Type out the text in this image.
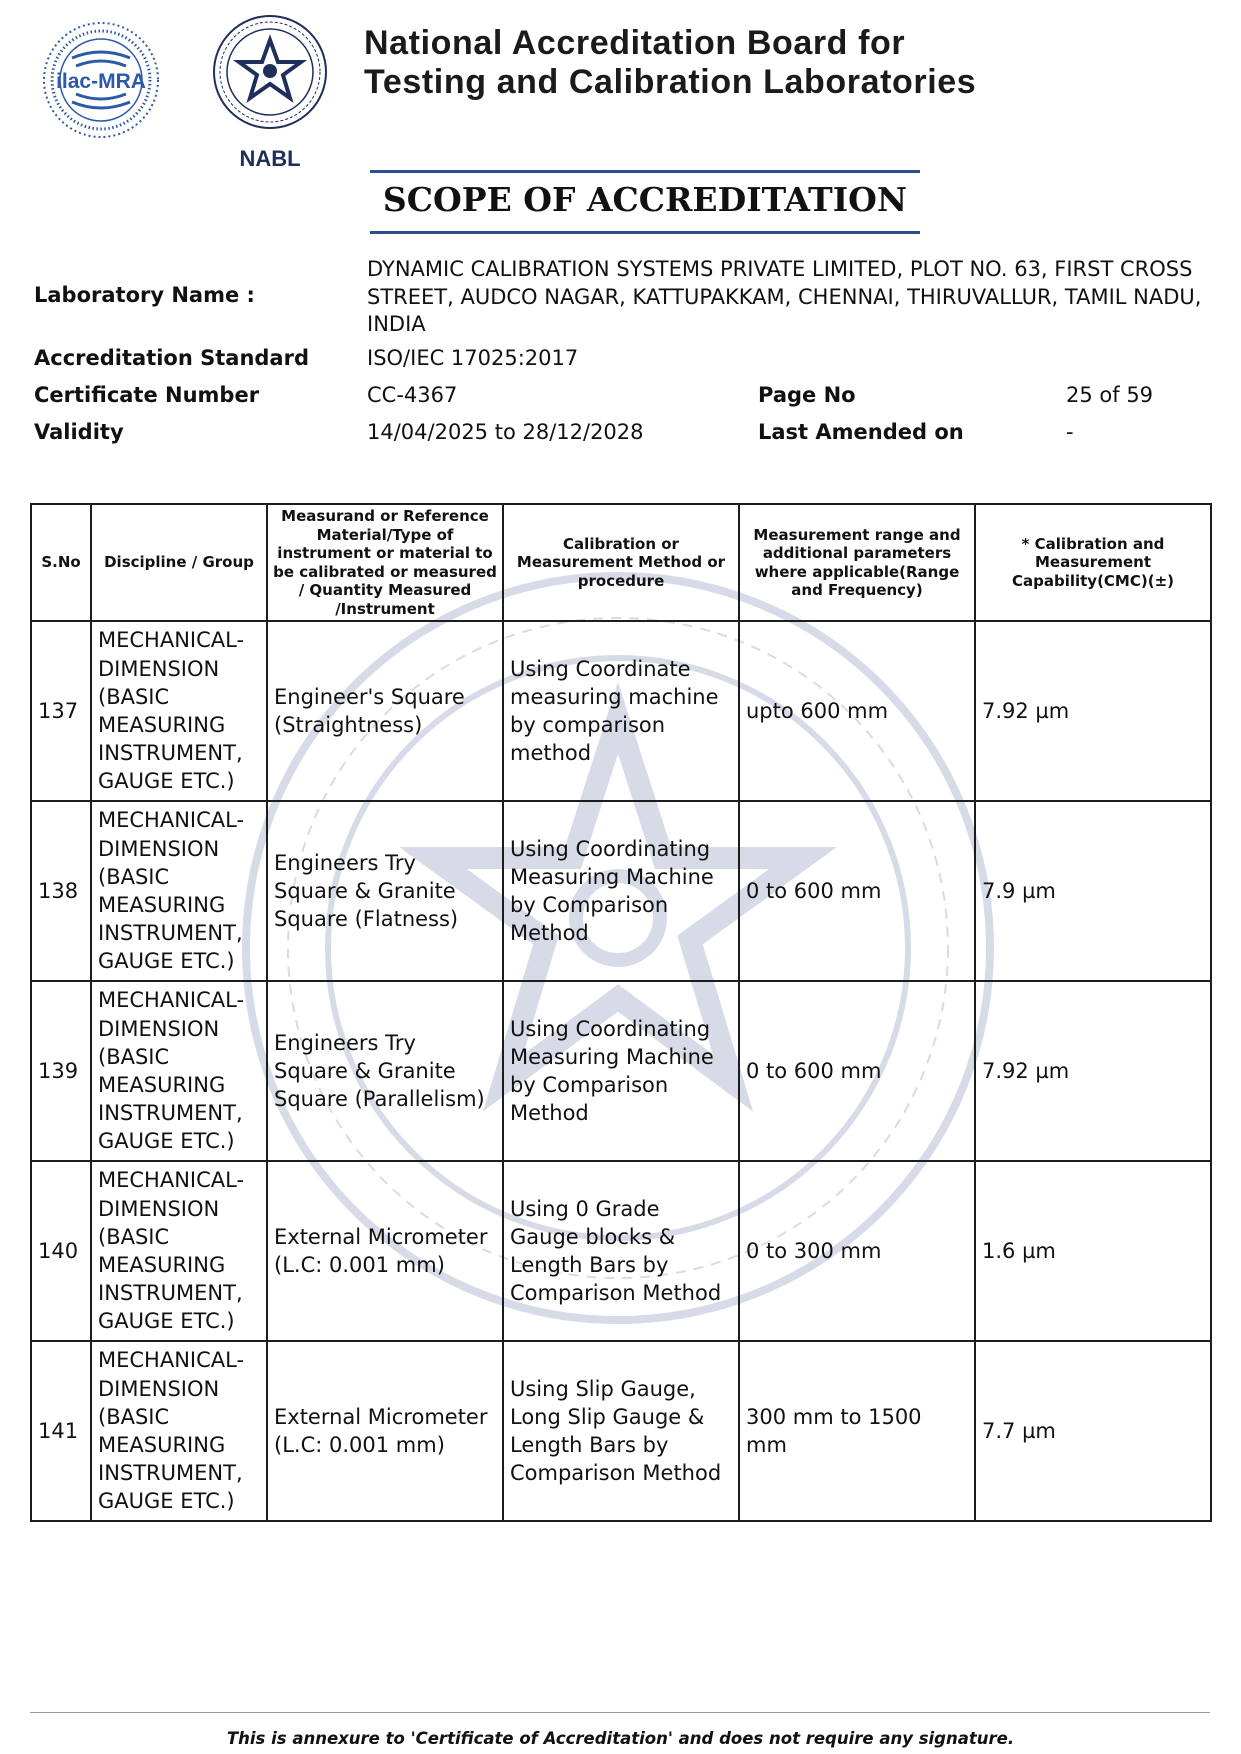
ilac-MRA
NABL
National Accreditation Board for
Testing and Calibration Laboratories
SCOPE OF ACCREDITATION
Laboratory Name :
DYNAMIC CALIBRATION SYSTEMS PRIVATE LIMITED, PLOT NO. 63, FIRST CROSS STREET, AUDCO NAGAR, KATTUPAKKAM, CHENNAI, THIRUVALLUR, TAMIL NADU, INDIA
Accreditation Standard	ISO/IEC 17025:2017
Certificate Number	CC-4367	Page No	25 of 59
Validity	14/04/2025 to 28/12/2028	Last Amended on	-
S.No	Discipline / Group	Measurand or Reference Material/Type of instrument or material to be calibrated or measured / Quantity Measured /Instrument	Calibration or Measurement Method or procedure	Measurement range and additional parameters where applicable(Range and Frequency)	* Calibration and Measurement Capability(CMC)(±)
137	MECHANICAL- DIMENSION (BASIC MEASURING INSTRUMENT, GAUGE ETC.)	Engineer's Square (Straightness)	Using Coordinate measuring machine by comparison method	upto 600 mm	7.92 µm
138	MECHANICAL- DIMENSION (BASIC MEASURING INSTRUMENT, GAUGE ETC.)	Engineers Try Square & Granite Square (Flatness)	Using Coordinating Measuring Machine by Comparison Method	0 to 600 mm	7.9 µm
139	MECHANICAL- DIMENSION (BASIC MEASURING INSTRUMENT, GAUGE ETC.)	Engineers Try Square & Granite Square (Parallelism)	Using Coordinating Measuring Machine by Comparison Method	0 to 600 mm	7.92 µm
140	MECHANICAL- DIMENSION (BASIC MEASURING INSTRUMENT, GAUGE ETC.)	External Micrometer (L.C: 0.001 mm)	Using 0 Grade Gauge blocks & Length Bars by Comparison Method	0 to 300 mm	1.6 µm
141	MECHANICAL- DIMENSION (BASIC MEASURING INSTRUMENT, GAUGE ETC.)	External Micrometer (L.C: 0.001 mm)	Using Slip Gauge, Long Slip Gauge & Length Bars by Comparison Method	300 mm to 1500 mm	7.7 µm
This is annexure to 'Certificate of Accreditation' and does not require any signature.
